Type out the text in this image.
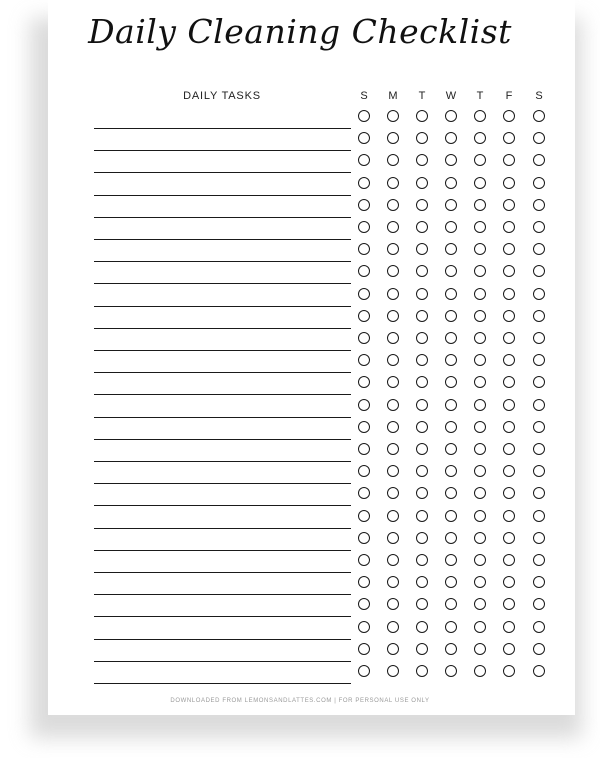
Daily Cleaning Checklist
DAILY TASKS	S	M	T	W	T	F	S
DOWNLOADED FROM LEMONSANDLATTES.COM | FOR PERSONAL USE ONLY
